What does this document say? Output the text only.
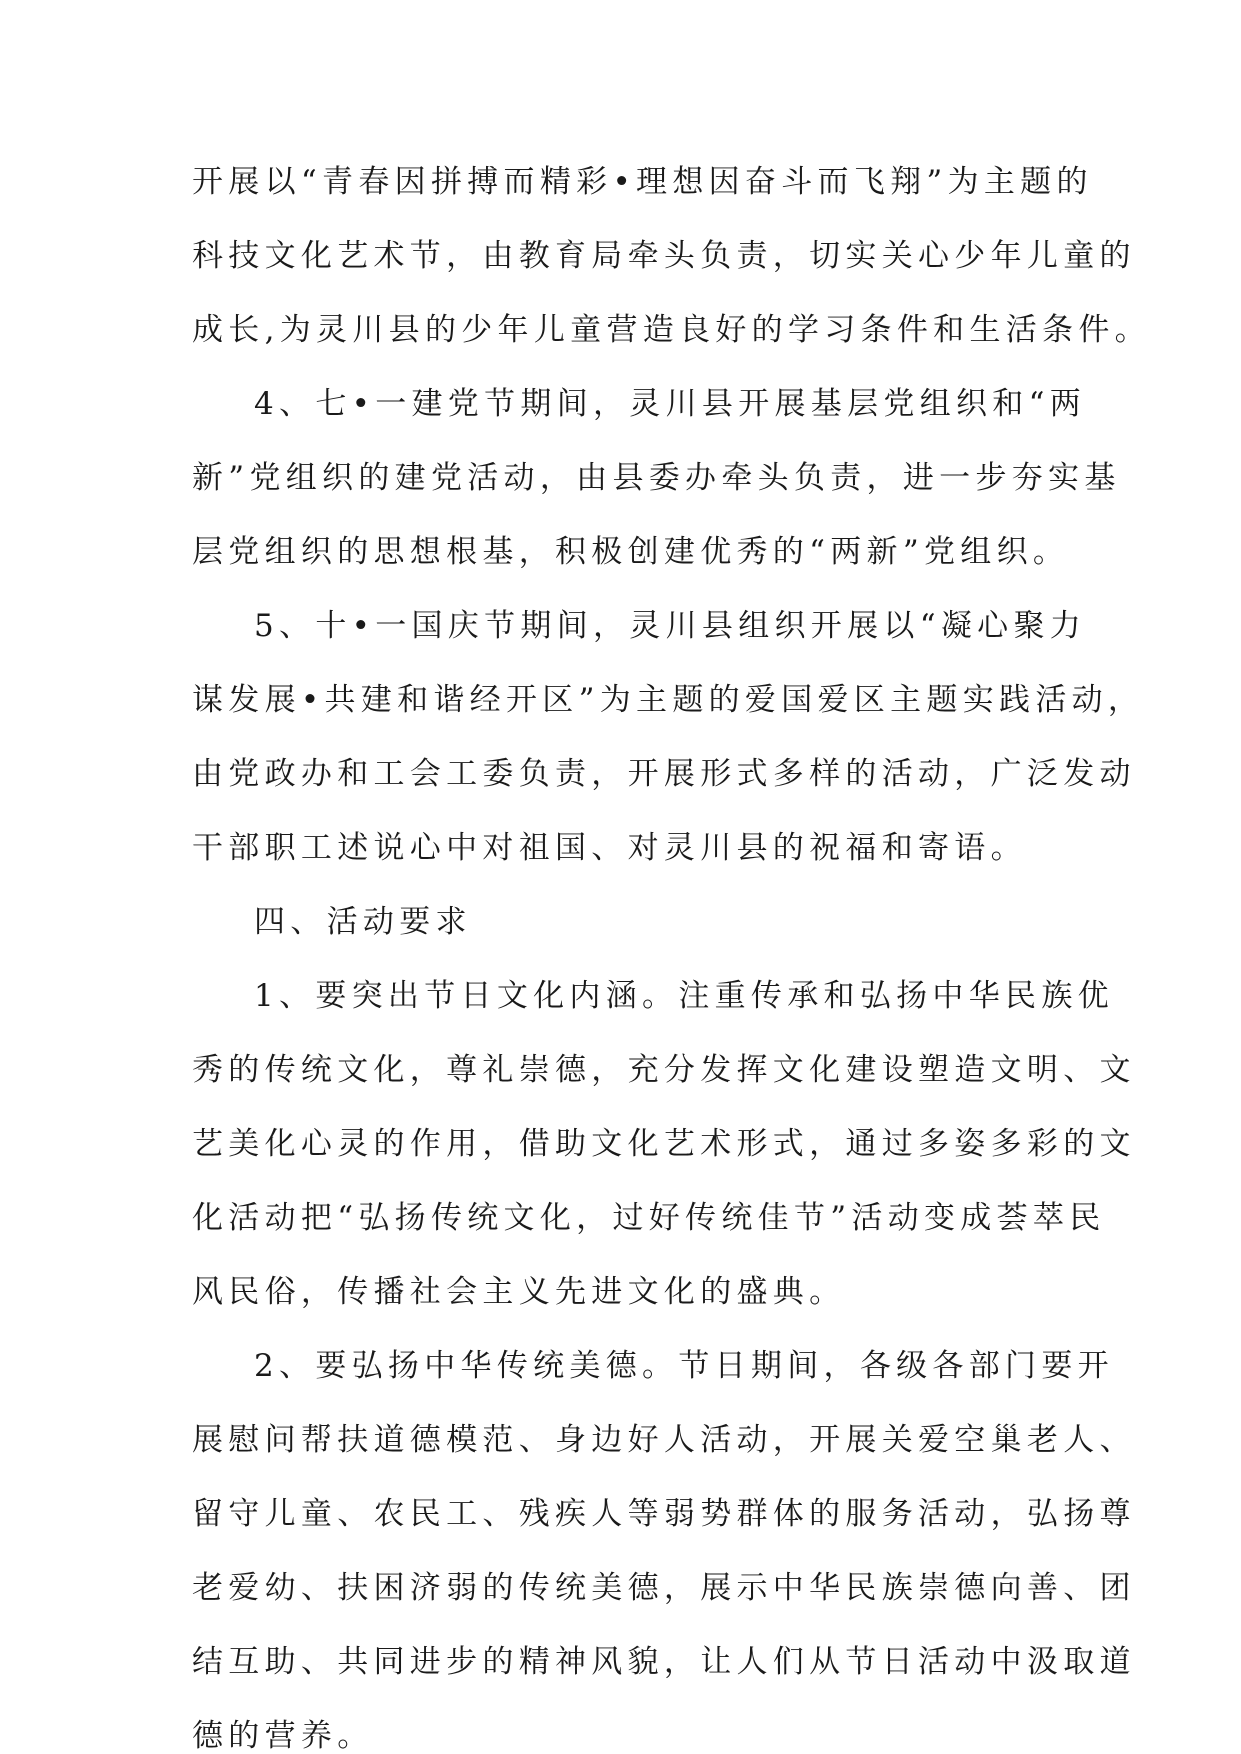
开展以“青春因拼搏而精彩•理想因奋斗而飞翔”为主题的
科技文化艺术节，由教育局牵头负责，切实关心少年儿童的
成长,为灵川县的少年儿童营造良好的学习条件和生活条件。
4、七•一建党节期间，灵川县开展基层党组织和“两
新”党组织的建党活动，由县委办牵头负责，进一步夯实基
层党组织的思想根基，积极创建优秀的“两新”党组织。
5、十•一国庆节期间，灵川县组织开展以“凝心聚力
谋发展•共建和谐经开区”为主题的爱国爱区主题实践活动，
由党政办和工会工委负责，开展形式多样的活动，广泛发动
干部职工述说心中对祖国、对灵川县的祝福和寄语。
四、活动要求
1、要突出节日文化内涵。注重传承和弘扬中华民族优
秀的传统文化，尊礼崇德，充分发挥文化建设塑造文明、文
艺美化心灵的作用，借助文化艺术形式，通过多姿多彩的文
化活动把“弘扬传统文化，过好传统佳节”活动变成荟萃民
风民俗，传播社会主义先进文化的盛典。
2、要弘扬中华传统美德。节日期间，各级各部门要开
展慰问帮扶道德模范、身边好人活动，开展关爱空巢老人、
留守儿童、农民工、残疾人等弱势群体的服务活动，弘扬尊
老爱幼、扶困济弱的传统美德，展示中华民族崇德向善、团
结互助、共同进步的精神风貌，让人们从节日活动中汲取道
德的营养。
